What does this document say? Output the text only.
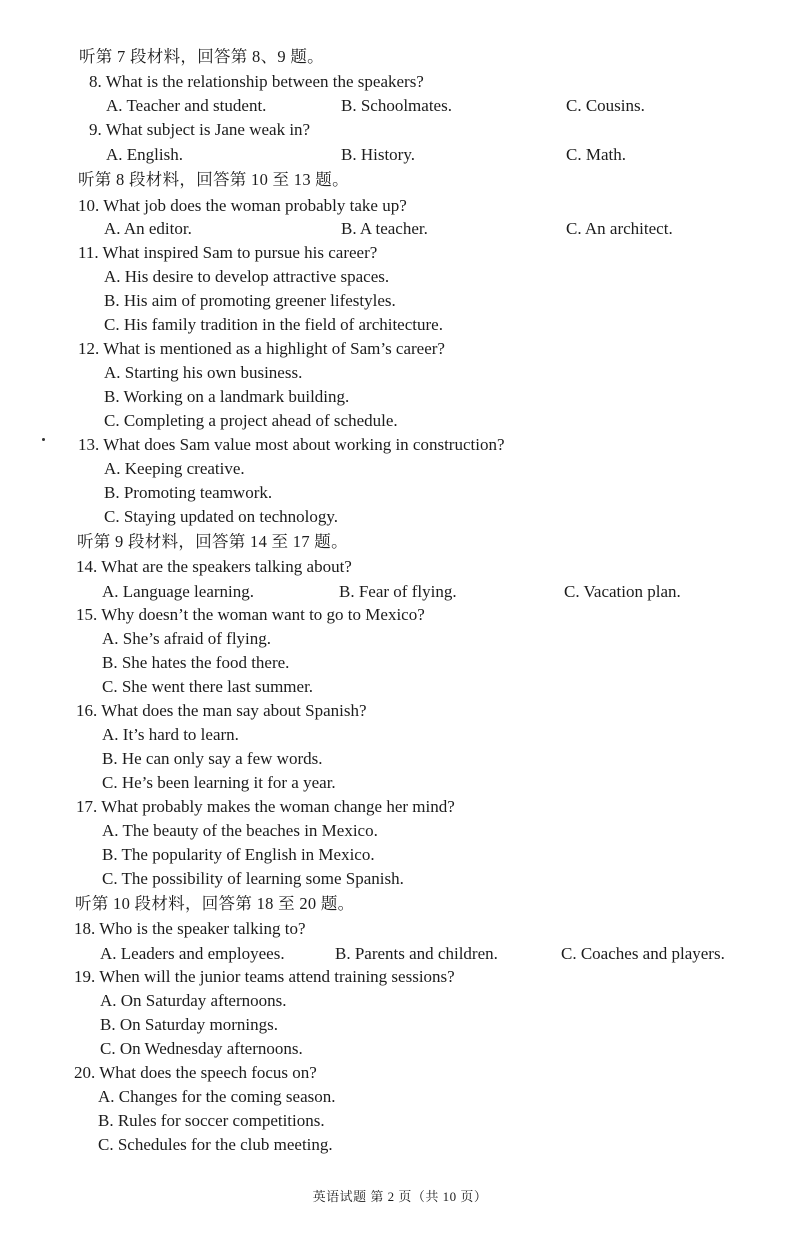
听第 7 段材料，回答第 8、9 题。
8. What is the relationship between the speakers?
A. Teacher and student.	B. Schoolmates.	C. Cousins.
9. What subject is Jane weak in?
A. English.	B. History.	C. Math.
听第 8 段材料，回答第 10 至 13 题。
10. What job does the woman probably take up?
A. An editor.	B. A teacher.	C. An architect.
11. What inspired Sam to pursue his career?
A. His desire to develop attractive spaces.
B. His aim of promoting greener lifestyles.
C. His family tradition in the field of architecture.
12. What is mentioned as a highlight of Sam’s career?
A. Starting his own business.
B. Working on a landmark building.
C. Completing a project ahead of schedule.
13. What does Sam value most about working in construction?
A. Keeping creative.
B. Promoting teamwork.
C. Staying updated on technology.
听第 9 段材料，回答第 14 至 17 题。
14. What are the speakers talking about?
A. Language learning.	B. Fear of flying.	C. Vacation plan.
15. Why doesn’t the woman want to go to Mexico?
A. She’s afraid of flying.
B. She hates the food there.
C. She went there last summer.
16. What does the man say about Spanish?
A. It’s hard to learn.
B. He can only say a few words.
C. He’s been learning it for a year.
17. What probably makes the woman change her mind?
A. The beauty of the beaches in Mexico.
B. The popularity of English in Mexico.
C. The possibility of learning some Spanish.
听第 10 段材料，回答第 18 至 20 题。
18. Who is the speaker talking to?
A. Leaders and employees.	B. Parents and children.	C. Coaches and players.
19. When will the junior teams attend training sessions?
A. On Saturday afternoons.
B. On Saturday mornings.
C. On Wednesday afternoons.
20. What does the speech focus on?
A. Changes for the coming season.
B. Rules for soccer competitions.
C. Schedules for the club meeting.
英语试题 第 2 页（共 10 页）
